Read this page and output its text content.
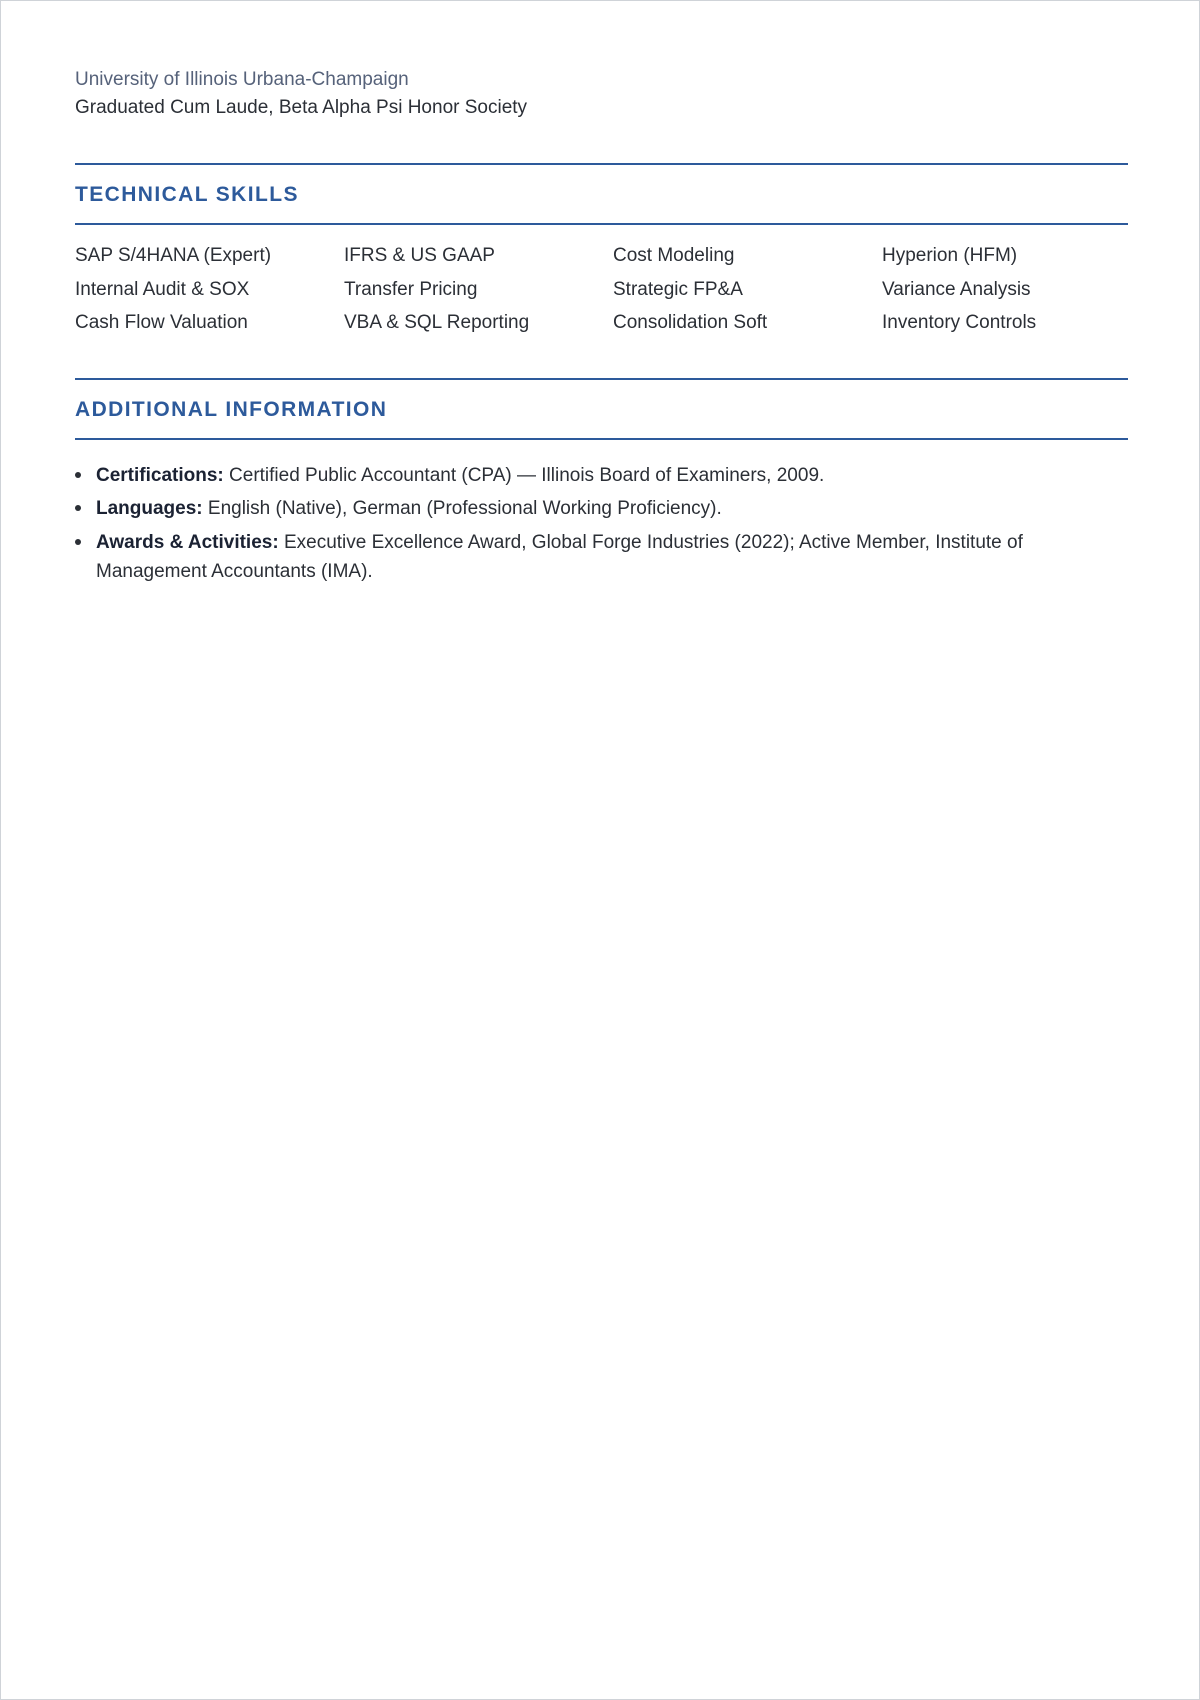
University of Illinois Urbana-Champaign
Graduated Cum Laude, Beta Alpha Psi Honor Society
TECHNICAL SKILLS
SAP S/4HANA (Expert)	IFRS & US GAAP	Cost Modeling	Hyperion (HFM)
Internal Audit & SOX	Transfer Pricing	Strategic FP&A	Variance Analysis
Cash Flow Valuation	VBA & SQL Reporting	Consolidation Soft	Inventory Controls
ADDITIONAL INFORMATION
Certifications: Certified Public Accountant (CPA) — Illinois Board of Examiners, 2009.
Languages: English (Native), German (Professional Working Proficiency).
Awards & Activities: Executive Excellence Award, Global Forge Industries (2022); Active Member, Institute of Management Accountants (IMA).
